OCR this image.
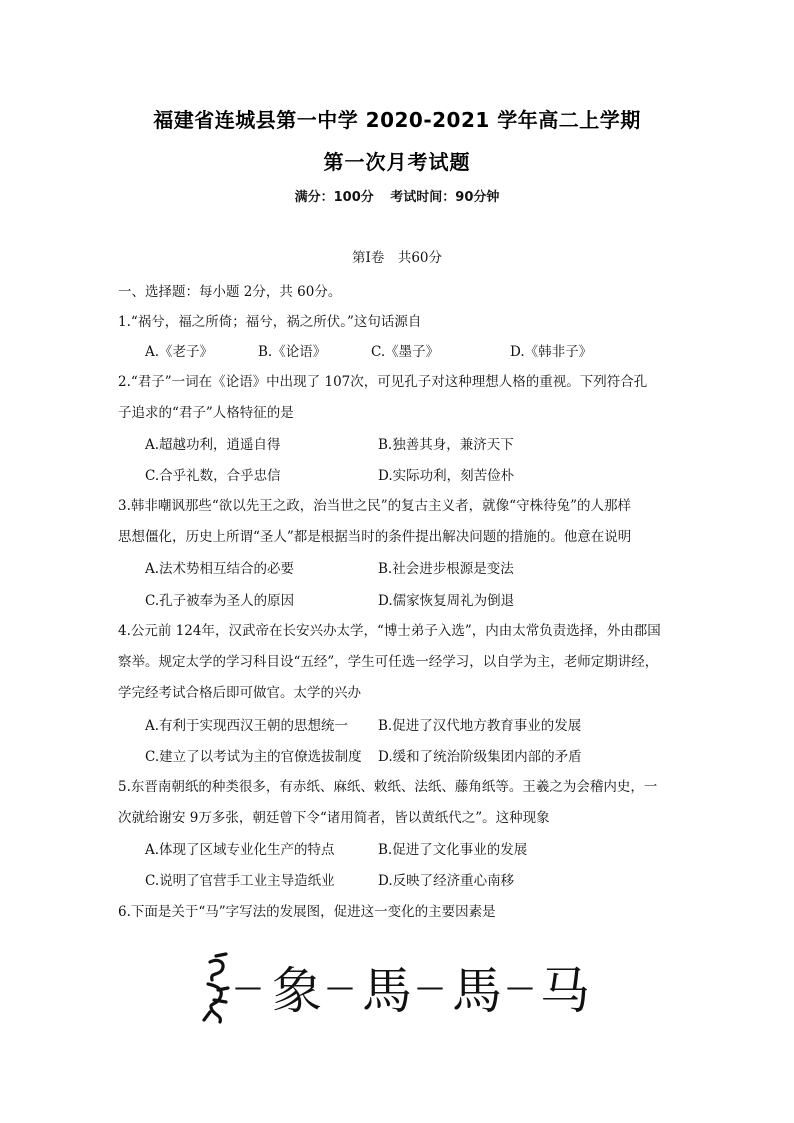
福建省连城县第一中学 2020-2021 学年高二上学期
第一次月考试题
满分：100分 考试时间：90分钟
第Ⅰ卷　共60分
一、选择题：每小题 2分，共 60分。
1.“祸兮，福之所倚；福兮，祸之所伏。”这句话源自
A.《老子》	B.《论语》	C.《墨子》	D.《韩非子》
2.“君子”一词在《论语》中出现了 107次，可见孔子对这种理想人格的重视。下列符合孔
子追求的“君子”人格特征的是
A.超越功利，逍遥自得	B.独善其身，兼济天下
C.合乎礼数，合乎忠信	D.实际功利，刻苦俭朴
3.韩非嘲讽那些“欲以先王之政，治当世之民”的复古主义者，就像“守株待兔”的人那样
思想僵化，历史上所谓“圣人”都是根据当时的条件提出解决问题的措施的。他意在说明
A.法术势相互结合的必要	B.社会进步根源是变法
C.孔子被奉为圣人的原因	D.儒家恢复周礼为倒退
4.公元前 124年，汉武帝在长安兴办太学，“博士弟子入选”，内由太常负责选择，外由郡国
察举。规定太学的学习科目设“五经”，学生可任选一经学习，以自学为主，老师定期讲经，
学完经考试合格后即可做官。太学的兴办
A.有利于实现西汉王朝的思想统一 B.促进了汉代地方教育事业的发展
C.建立了以考试为主的官僚选拔制度 D.缓和了统治阶级集团内部的矛盾
5.东晋南朝纸的种类很多，有赤纸、麻纸、敕纸、法纸、藤角纸等。王羲之为会稽内史，一
次就给谢安 9万多张，朝廷曾下令“诸用简者，皆以黄纸代之”。这种现象
A.体现了区域专业化生产的特点	B.促进了文化事业的发展
C.说明了官营手工业主导造纸业	D.反映了经济重心南移
6.下面是关于“马”字写法的发展图，促进这一变化的主要因素是
— 象 — 馬 — 馬 — 马
